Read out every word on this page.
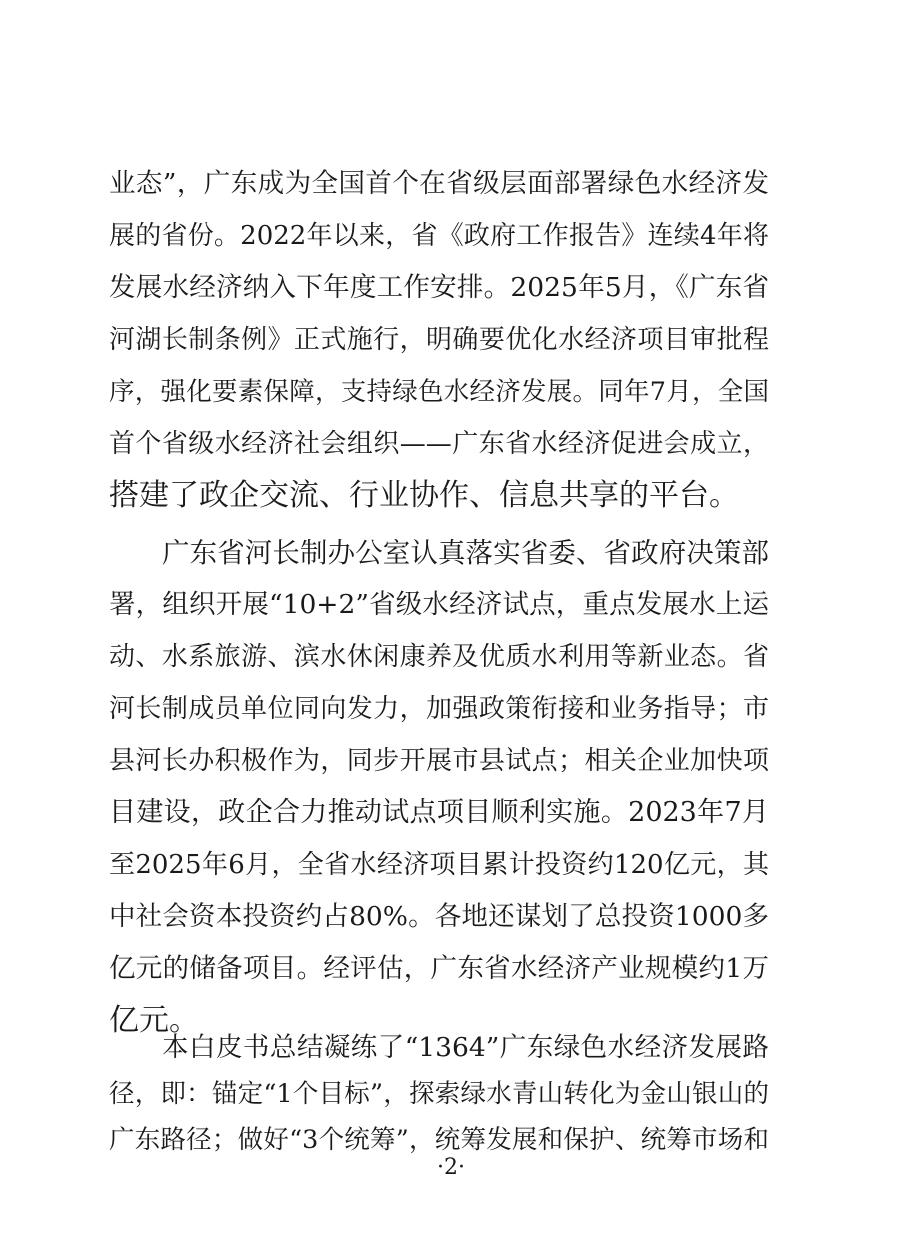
业态”，广东成为全国首个在省级层面部署绿色水经济发
展的省份。2022年以来，省《政府工作报告》连续4年将
发展水经济纳入下年度工作安排。2025年5月，《广东省
河湖长制条例》正式施行，明确要优化水经济项目审批程
序，强化要素保障，支持绿色水经济发展。同年7月，全国
首个省级水经济社会组织——广东省水经济促进会成立，
搭建了政企交流、行业协作、信息共享的平台。
广东省河长制办公室认真落实省委、省政府决策部
署，组织开展“10+2”省级水经济试点，重点发展水上运
动、水系旅游、滨水休闲康养及优质水利用等新业态。省
河长制成员单位同向发力，加强政策衔接和业务指导；市
县河长办积极作为，同步开展市县试点；相关企业加快项
目建设，政企合力推动试点项目顺利实施。2023年7月
至2025年6月，全省水经济项目累计投资约120亿元，其
中社会资本投资约占80%。各地还谋划了总投资1000多
亿元的储备项目。经评估，广东省水经济产业规模约1万
亿元。
本白皮书总结凝练了“1364”广东绿色水经济发展路
径，即：锚定“1个目标”，探索绿水青山转化为金山银山的
广东路径；做好“3个统筹”，统筹发展和保护、统筹市场和
·2·
